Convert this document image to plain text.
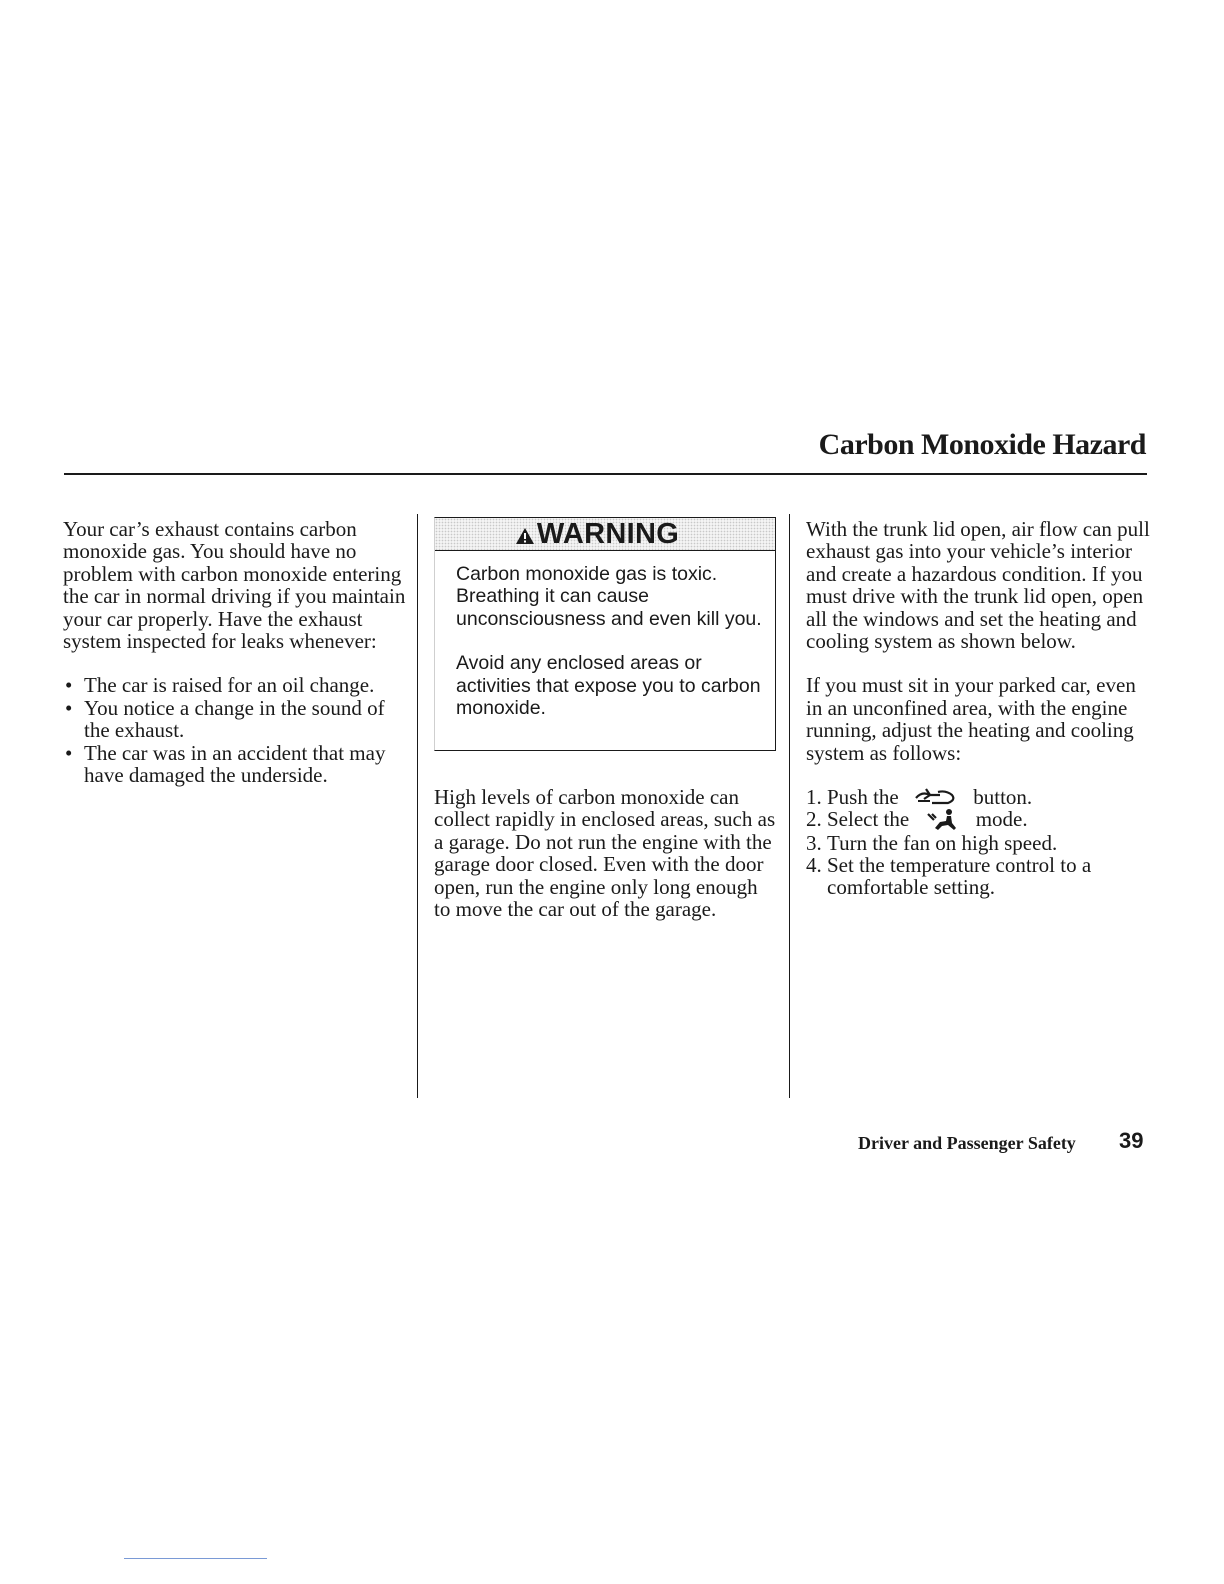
Carbon Monoxide Hazard

Your car’s exhaust contains carbon monoxide gas. You should have no problem with carbon monoxide entering the car in normal driving if you maintain your car properly. Have the exhaust system inspected for leaks whenever:

• The car is raised for an oil change.
• You notice a change in the sound of the exhaust.
• The car was in an accident that may have damaged the underside.
WARNING

Carbon monoxide gas is toxic. Breathing it can cause unconsciousness and even kill you.

Avoid any enclosed areas or activities that expose you to carbon monoxide.

High levels of carbon monoxide can collect rapidly in enclosed areas, such as a garage. Do not run the engine with the garage door closed. Even with the door open, run the engine only long enough to move the car out of the garage.

With the trunk lid open, air flow can pull exhaust gas into your vehicle’s interior and create a hazardous condition. If you must drive with the trunk lid open, open all the windows and set the heating and cooling system as shown below.

If you must sit in your parked car, even in an unconfined area, with the engine running, adjust the heating and cooling system as follows:

1. Push the	button.
2. Select the	mode.
3. Turn the fan on high speed.
4. Set the temperature control to a comfortable setting.
Driver and Passenger Safety 39
